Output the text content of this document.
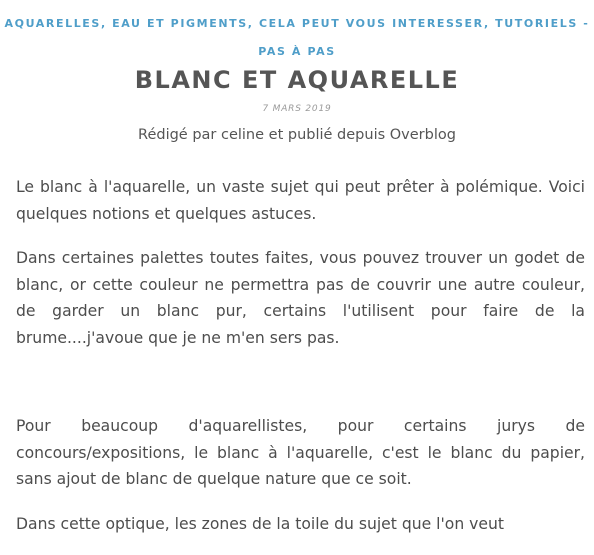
AQUARELLES, EAU ET PIGMENTS, CELA PEUT VOUS INTERESSER, TUTORIELS - PAS À PAS
BLANC ET AQUARELLE
7 MARS 2019
Rédigé par celine et publié depuis Overblog

Le blanc à l'aquarelle, un vaste sujet qui peut prêter à polémique. Voici quelques notions et quelques astuces.

Dans certaines palettes toutes faites, vous pouvez trouver un godet de blanc, or cette couleur ne permettra pas de couvrir une autre couleur, de garder un blanc pur, certains l'utilisent pour faire de la brume....j'avoue que je ne m'en sers pas.

Pour beaucoup d'aquarellistes, pour certains jurys de concours/expositions, le blanc à l'aquarelle, c'est le blanc du papier, sans ajout de blanc de quelque nature que ce soit.

Dans cette optique, les zones de la toile du sujet que l'on veut
